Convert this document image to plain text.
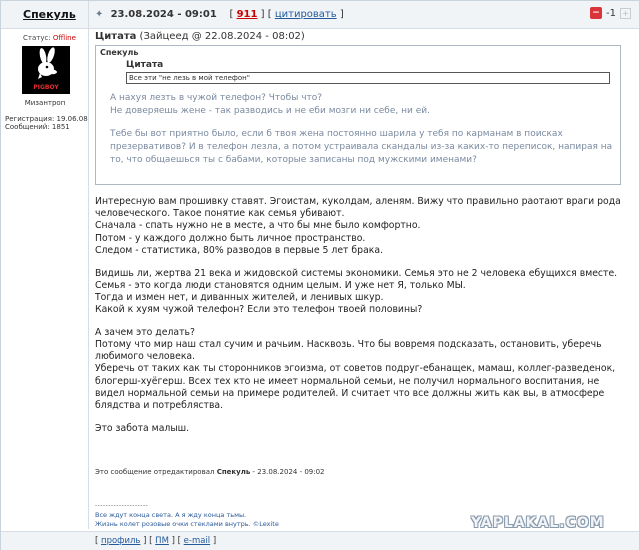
Спекуль ✦ 23.08.2024 - 09:01    [ 911 ] [ цитировать ]	− -1 +
Статус: Offline
PIGBOY
Мизантроп
Регистрация: 19.06.08
Сообщений: 1851
Цитата (Зайцеед @ 22.08.2024 - 08:02)
Спекуль
Цитата
Все эти "не лезь в мой телефон"

А нахуя лезть в чужой телефон? Чтобы что?
Не доверяешь жене - так разводись и не еби мозги ни себе, ни ей.

Тебе бы вот приятно было, если б твоя жена постоянно шарила у тебя по карманам в поисках презервативов? И в телефон лезла, а потом устраивала скандалы из-за каких-то переписок, напирая на то, что общаешься ты с бабами, которые записаны под мужскими именами?

Интересную вам прошивку ставят. Эгоистам, куколдам, аленям. Вижу что правильно раотают враги рода человеческого. Такое понятие как семья убивают.
Сначала - спать нужно не в месте, а что бы мне было комфортно.
Потом - у каждого должно быть личное пространство.
Следом - статистика, 80% разводов в первые 5 лет брака.

Видишь ли, жертва 21 века и жидовской системы экономики. Семья это не 2 человека ебущихся вместе. Семья - это когда люди становятся одним целым. И уже нет Я, только МЫ.
Тогда и измен нет, и диванных жителей, и ленивых шкур.
Какой к хуям чужой телефон? Если это телефон твоей половины?

А зачем это делать?
Потому что мир наш стал сучим и рачьим. Насквозь. Что бы вовремя подсказать, остановить, уберечь любимого человека.
Уберечь от таких как ты сторонников эгоизма, от советов подруг-ебанащек, мамаш, коллег-разведенок, блогерш-хуёгерш. Всех тех кто не имеет нормальной семьи, не получил нормального воспитания, не видел нормальной семьи на примере родителей. И считает что все должны жить как вы, в атмосфере блядства и потребляства.

Это забота малыш.

Это сообщение отредактировал Спекуль - 23.08.2024 - 09:02
--------------------
Все ждут конца света. А я жду конца тьмы.
Жизнь колет розовые очки стеклами внутрь. ©Lexite	YAPLAKAL.COM
[ профиль ] [ ПМ ] [ e-mail ]
